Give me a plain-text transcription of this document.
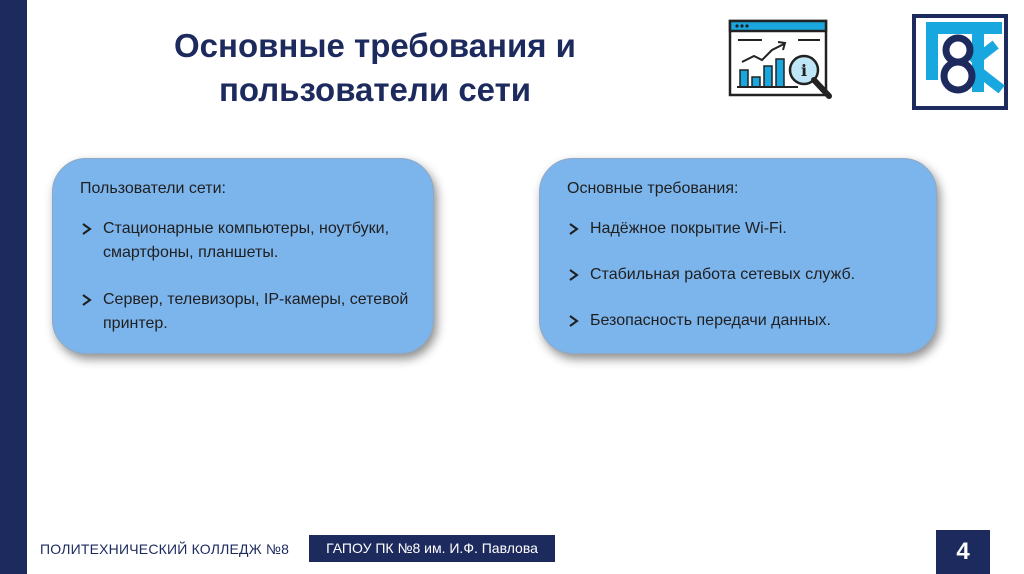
Основные требования и
пользователи сети
i
Пользователи сети:
Стационарные компьютеры, ноутбуки, смартфоны, планшеты.
Сервер, телевизоры, IP-камеры, сетевой принтер.
Основные требования:
Надёжное покрытие Wi-Fi.
Стабильная работа сетевых служб.
Безопасность передачи данных.
ПОЛИТЕХНИЧЕСКИЙ КОЛЛЕДЖ №8	ГАПОУ ПК №8 им. И.Ф. Павлова	4
